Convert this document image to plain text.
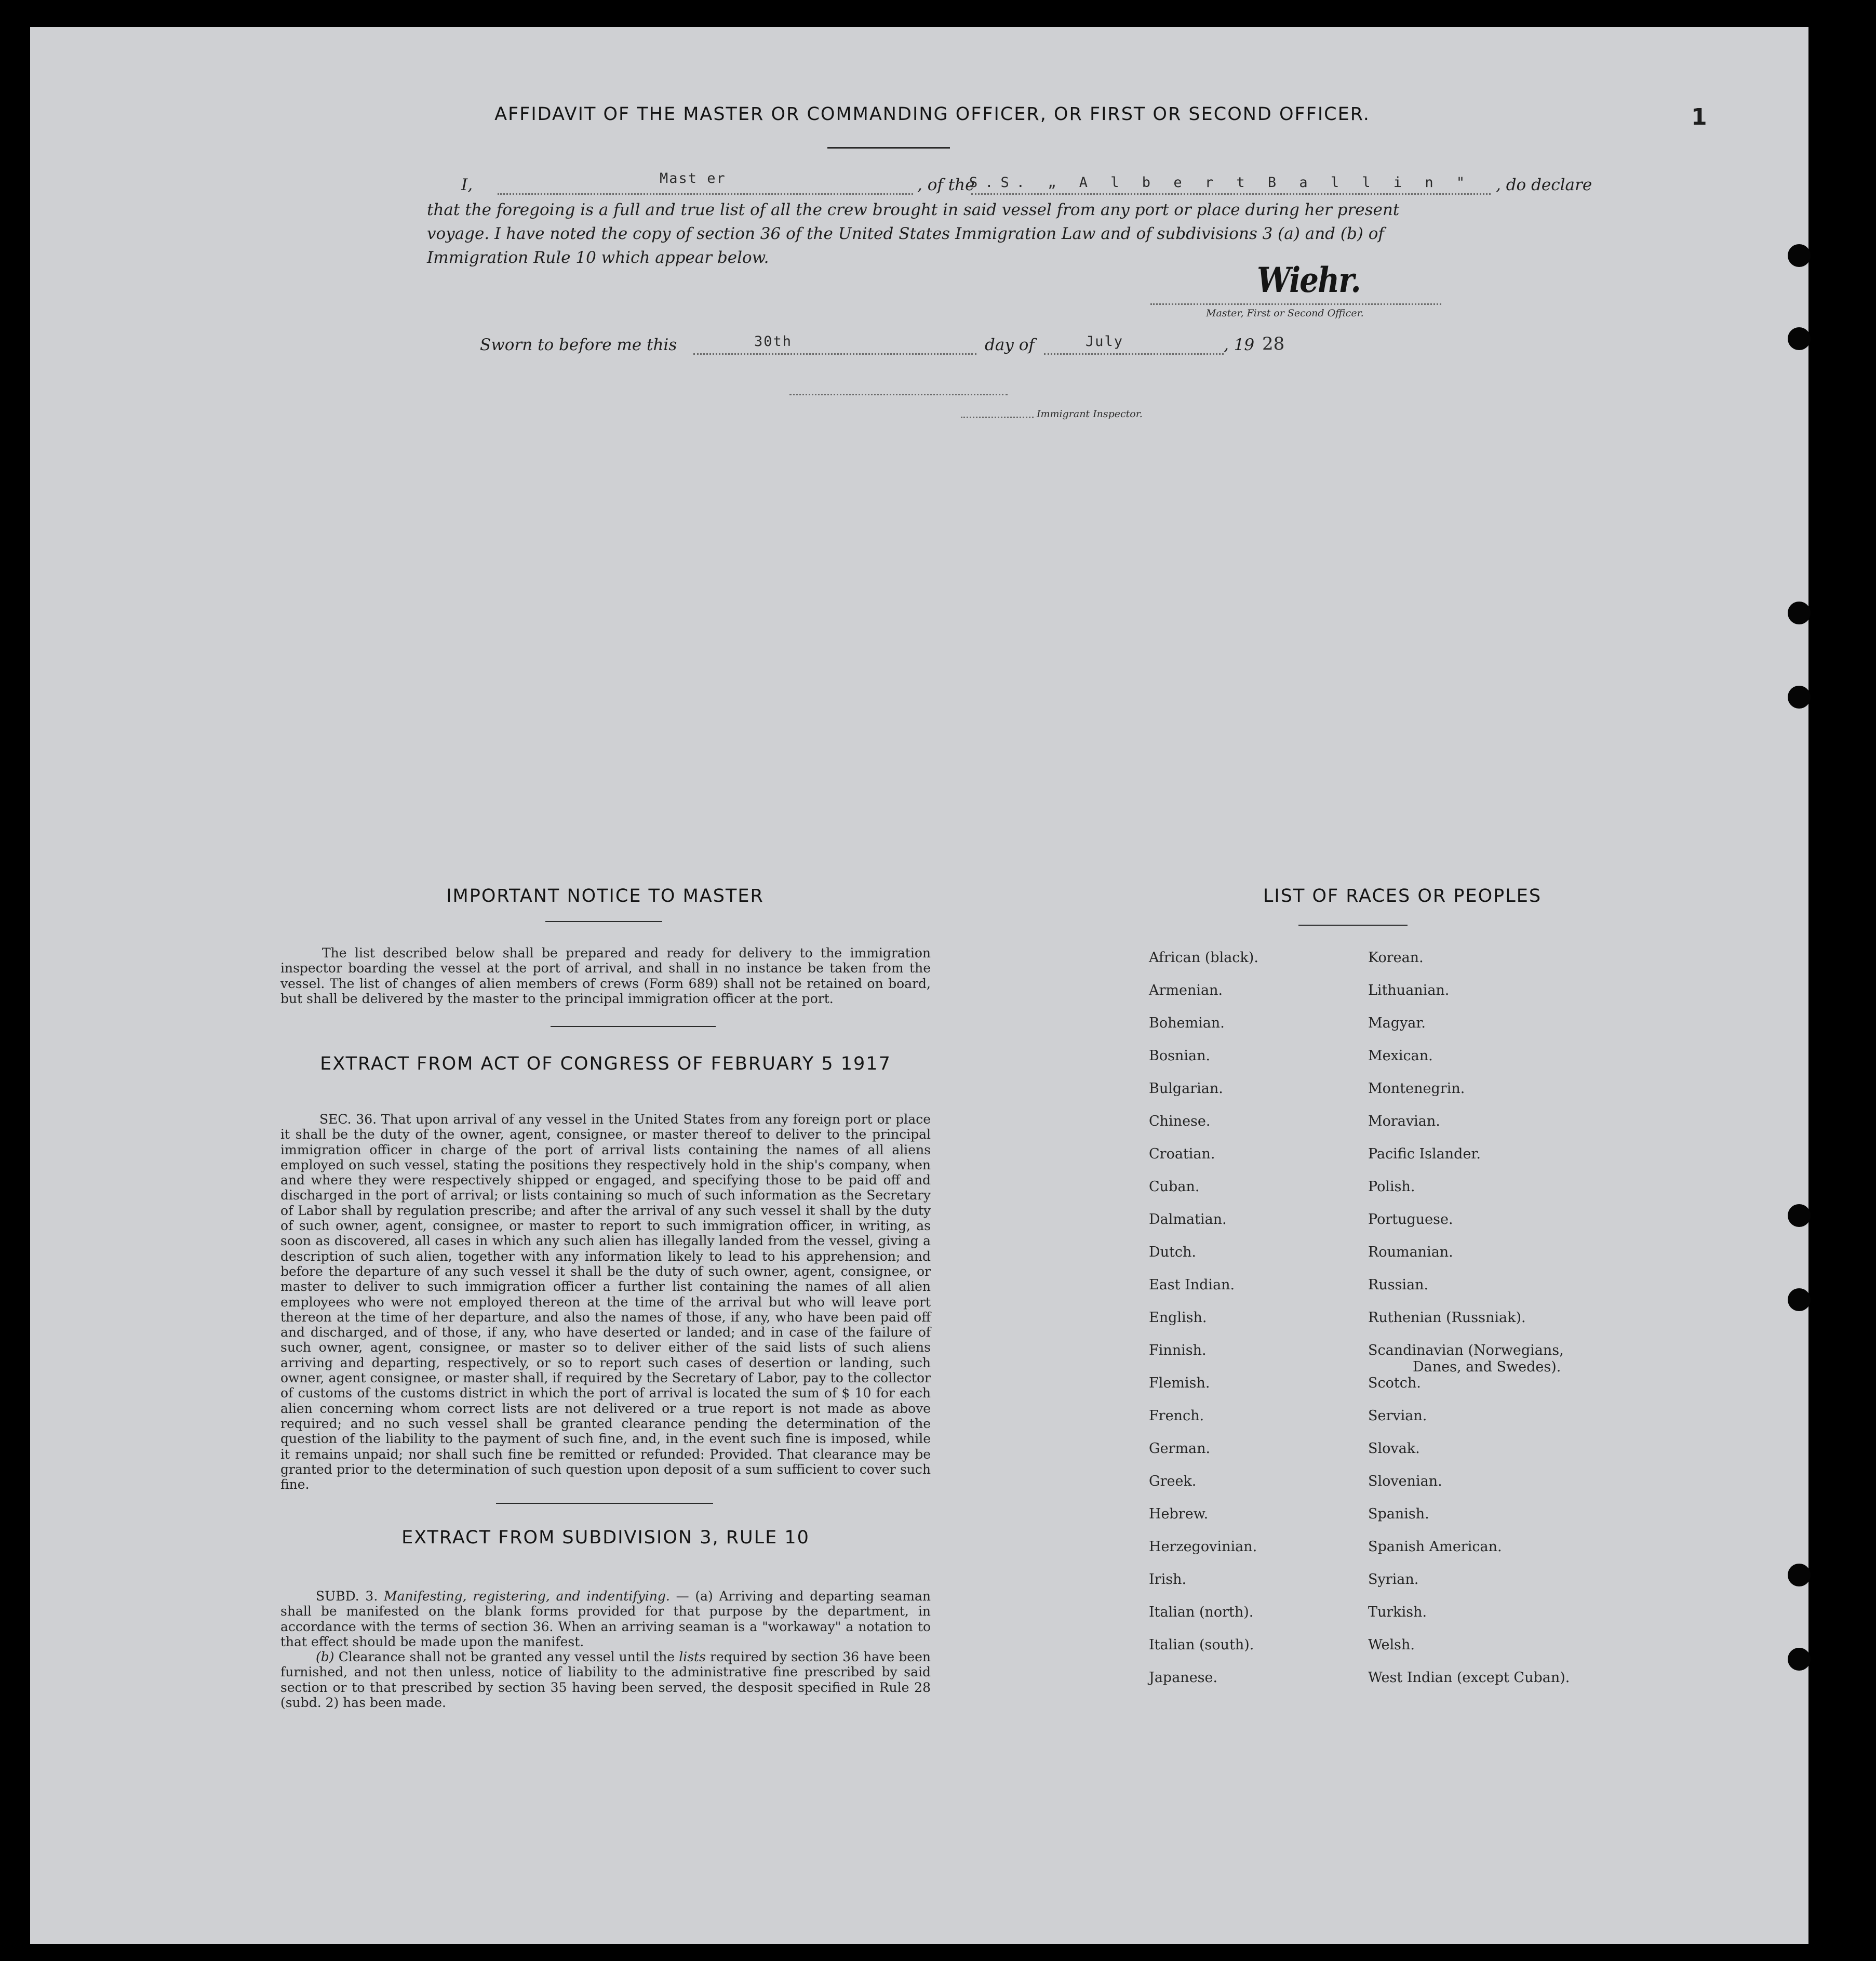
1
AFFIDAVIT OF THE MASTER OR COMMANDING OFFICER, OR FIRST OR SECOND OFFICER.
I,	Mast er	, of the
S.S. „ A l b e r t B a l l i n " , do declare
that the foregoing is a full and true list of all the crew brought in said vessel from any port or place during her present
voyage. I have noted the copy of section 36 of the United States Immigration Law and of subdivisions 3 (a) and (b) of
Immigration Rule 10 which appear below.
Wiehr.
Master, First or Second Officer.
Sworn to before me this	30th	day of	July	, 19 28
Immigrant Inspector.
IMPORTANT NOTICE TO MASTER

The list described below shall be prepared and ready for delivery to the immigration inspector boarding the vessel at the port of arrival, and shall in no instance be taken from the vessel. The list of changes of alien members of crews (Form 689) shall not be retained on board, but shall be delivered by the master to the principal immigration officer at the port.

EXTRACT FROM ACT OF CONGRESS OF FEBRUARY 5 1917

SEC. 36. That upon arrival of any vessel in the United States from any foreign port or place it shall be the duty of the owner, agent, consignee, or master thereof to deliver to the principal immigration officer in charge of the port of arrival lists containing the names of all aliens employed on such vessel, stating the positions they respectively hold in the ship's company, when and where they were respectively shipped or engaged, and specifying those to be paid off and discharged in the port of arrival; or lists containing so much of such information as the Secretary of Labor shall by regulation prescribe; and after the arrival of any such vessel it shall by the duty of such owner, agent, consignee, or master to report to such immigration officer, in writing, as soon as discovered, all cases in which any such alien has illegally landed from the vessel, giving a description of such alien, together with any information likely to lead to his apprehension; and before the departure of any such vessel it shall be the duty of such owner, agent, consignee, or master to deliver to such immigration officer a further list containing the names of all alien employees who were not employed thereon at the time of the arrival but who will leave port thereon at the time of her departure, and also the names of those, if any, who have been paid off and discharged, and of those, if any, who have deserted or landed; and in case of the failure of such owner, agent, consignee, or master so to deliver either of the said lists of such aliens arriving and departing, respectively, or so to report such cases of desertion or landing, such owner, agent consignee, or master shall, if required by the Secretary of Labor, pay to the collector of customs of the customs district in which the port of arrival is located the sum of $ 10 for each alien concerning whom correct lists are not delivered or a true report is not made as above required; and no such vessel shall be granted clearance pending the determination of the question of the liability to the payment of such fine, and, in the event such fine is imposed, while it remains unpaid; nor shall such fine be remitted or refunded: Provided. That clearance may be granted prior to the determination of such question upon deposit of a sum sufficient to cover such fine.

EXTRACT FROM SUBDIVISION 3, RULE 10

SUBD. 3. Manifesting, registering, and indentifying. — (a) Arriving and departing seaman shall be manifested on the blank forms provided for that purpose by the department, in accordance with the terms of section 36. When an arriving seaman is a "workaway" a notation to that effect should be made upon the manifest.

(b) Clearance shall not be granted any vessel until the lists required by section 36 have been furnished, and not then unless, notice of liability to the administrative fine prescribed by said section or to that prescribed by section 35 having been served, the desposit specified in Rule 28 (subd. 2) has been made.

LIST OF RACES OR PEOPLES
African (black).
Armenian.
Bohemian.
Bosnian.
Bulgarian.
Chinese.
Croatian.
Cuban.
Dalmatian.
Dutch.
East Indian.
English.
Finnish.
Flemish.
French.
German.
Greek.
Hebrew.
Herzegovinian.
Irish.
Italian (north).
Italian (south).
Japanese.
Korean.
Lithuanian.
Magyar.
Mexican.
Montenegrin.
Moravian.
Pacific Islander.
Polish.
Portuguese.
Roumanian.
Russian.
Ruthenian (Russniak).
Scandinavian (Norwegians,
Danes, and Swedes).
Scotch.
Servian.
Slovak.
Slovenian.
Spanish.
Spanish American.
Syrian.
Turkish.
Welsh.
West Indian (except Cuban).
